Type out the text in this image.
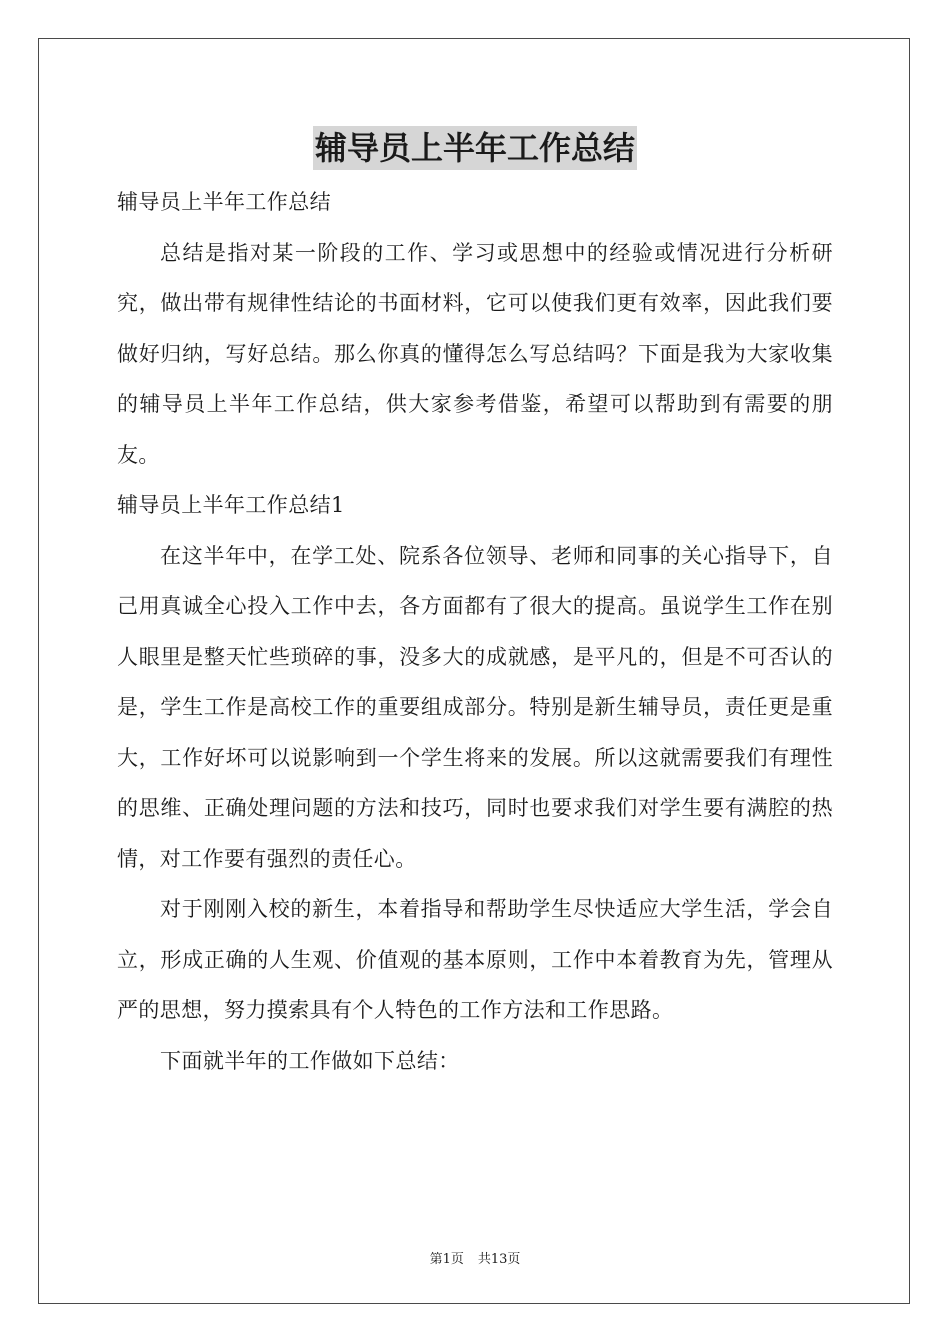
辅导员上半年工作总结

辅导员上半年工作总结

总结是指对某一阶段的工作、学习或思想中的经验或情况进行分析研究，做出带有规律性结论的书面材料，它可以使我们更有效率，因此我们要做好归纳，写好总结。那么你真的懂得怎么写总结吗？下面是我为大家收集的辅导员上半年工作总结，供大家参考借鉴，希望可以帮助到有需要的朋友。

辅导员上半年工作总结1

在这半年中，在学工处、院系各位领导、老师和同事的关心指导下，自己用真诚全心投入工作中去，各方面都有了很大的提高。虽说学生工作在别人眼里是整天忙些琐碎的事，没多大的成就感，是平凡的，但是不可否认的是，学生工作是高校工作的重要组成部分。特别是新生辅导员，责任更是重大，工作好坏可以说影响到一个学生将来的发展。所以这就需要我们有理性的思维、正确处理问题的方法和技巧，同时也要求我们对学生要有满腔的热情，对工作要有强烈的责任心。

对于刚刚入校的新生，本着指导和帮助学生尽快适应大学生活，学会自立，形成正确的人生观、价值观的基本原则，工作中本着教育为先，管理从严的思想，努力摸索具有个人特色的工作方法和工作思路。

下面就半年的工作做如下总结：

第1页 共13页
